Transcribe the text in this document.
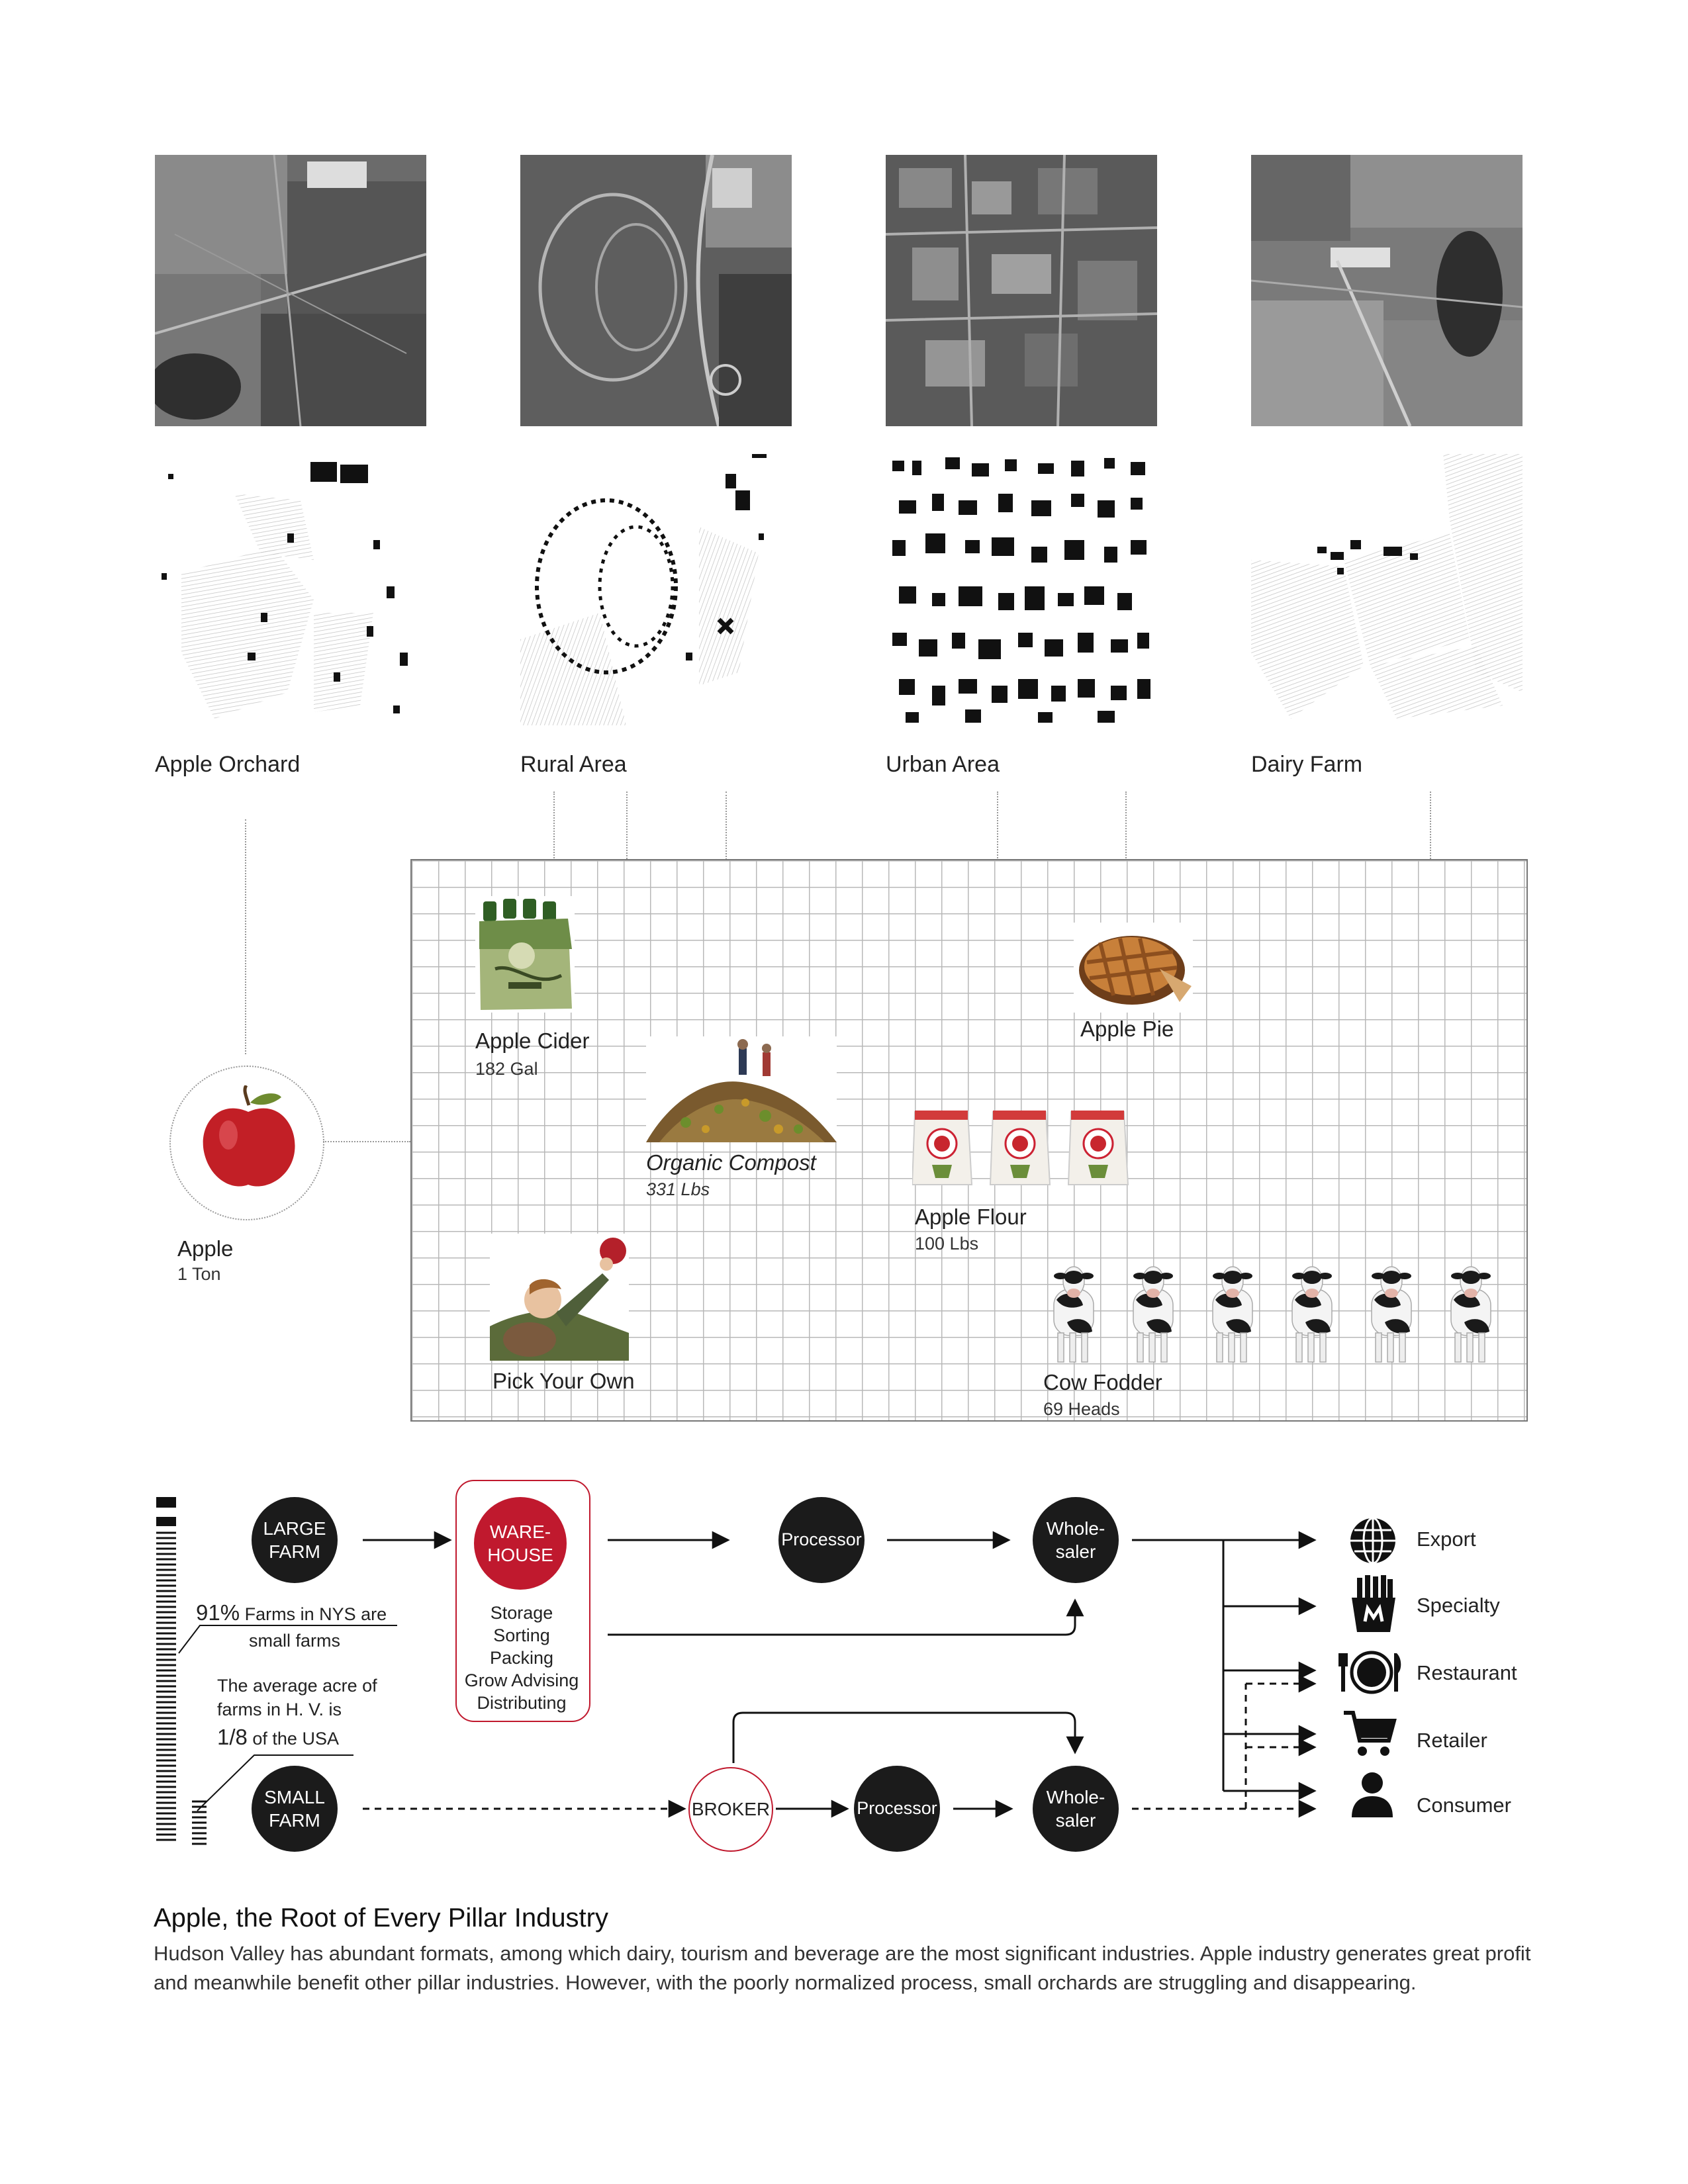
Apple Orchard	Rural Area	Urban Area	Dairy Farm
Apple
1 Ton
Apple Cider
182 Gal
Organic Compost
331 Lbs
Apple Pie
Apple Flour
100 Lbs
Pick Your Own	Cow Fodder
69 Heads
LARGE
FARM
SMALL
FARM
WARE-
HOUSE
Storage
Sorting
Packing
Grow Advising
Distributing
Processor
Whole-
saler
BROKER	Processor
Whole-
saler
91% Farms in NYS are
small farms
The average acre of
farms in H. V. is
1/8 of the USA
Export
Specialty
Restaurant
Retailer
Consumer
Apple, the Root of Every Pillar Industry
Hudson Valley has abundant formats, among which dairy, tourism and beverage are the most significant industries. Apple industry generates great profit and meanwhile benefit other pillar industries. However, with the poorly normalized process, small orchards are struggling and disappearing.
